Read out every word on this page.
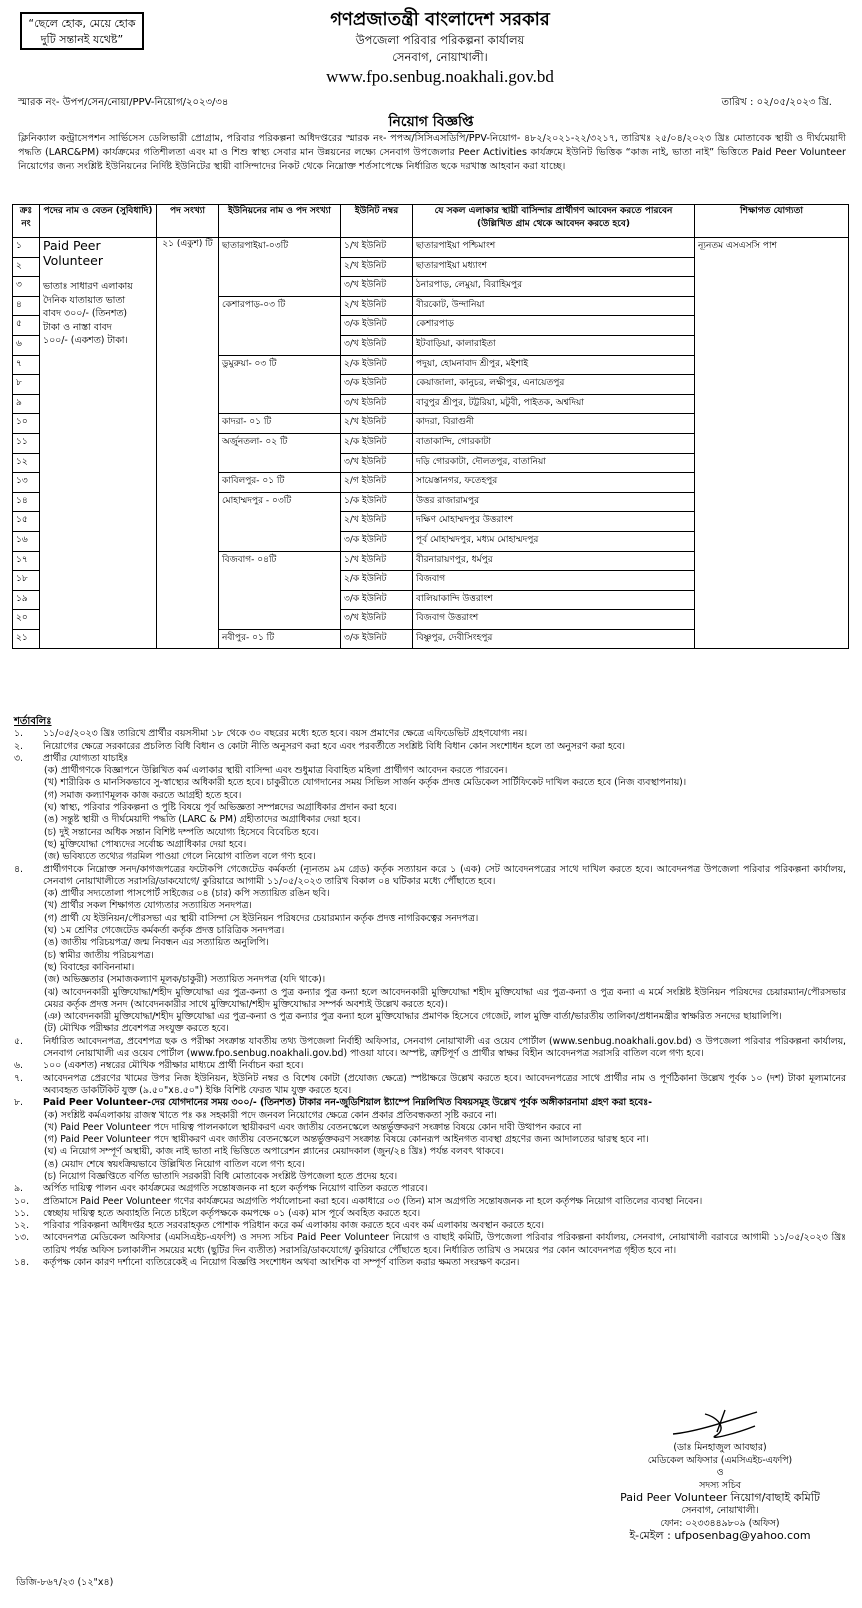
“ছেলে হোক, মেয়ে হোক
দুটি সন্তানই যথেষ্ট”
গণপ্রজাতন্ত্রী বাংলাদেশ সরকার
উপজেলা পরিবার পরিকল্পনা কার্যালয়
সেনবাগ, নোয়াখালী।
www.fpo.senbug.noakhali.gov.bd
স্মারক নং- উপপ/সেন/নোয়া/PPV-নিয়োগ/২০২৩/৩৪	তারিখ : ০২/০৫/২০২৩ খ্রি.
নিয়োগ বিজ্ঞপ্তি
ক্লিনিক্যাল কন্ট্রাসেপশন সার্ভিসেস ডেলিভারী প্রোগ্রাম, পরিবার পরিকল্পনা অধিদপ্তরের স্মারক নং- পপঅ/সিসিএসডিপি/PPV-নিয়োগ- ৪৮২/২০২১-২২/৩২১৭, তারিখঃ ২৫/০৪/২০২৩ খ্রিঃ মোতাবেক স্থায়ী ও দীর্ঘমেয়াদী পদ্ধতি (LARC&PM) কার্যক্রমের গতিশীলতা এবং মা ও শিশু স্বাস্থ্য সেবার মান উন্নয়নের লক্ষ্যে সেনবাগ উপজেলার Peer Activities কার্যক্রমে ইউনিট ভিত্তিক “কাজ নাই, ভাতা নাই” ভিত্তিতে Paid Peer Volunteer নিয়োগের জন্য সংশ্লিষ্ট ইউনিয়নের নির্দিষ্ট ইউনিটের স্থায়ী বাসিন্দাদের নিকট থেকে নিম্নোক্ত শর্তসাপেক্ষে নির্ধারিত ছকে দরখাস্ত আহবান করা যাচ্ছে।
ক্রঃ নং	পদের নাম ও বেতন (সুবিধাদি)	পদ সংখ্যা	ইউনিয়নের নাম ও পদ সংখ্যা	ইউনিট নম্বর	যে সকল এলাকার স্থায়ী বাসিন্দার প্রার্থীগণ আবেদন করতে পারবেন (উল্লিখিত গ্রাম থেকে আবেদন করতে হবে)	শিক্ষাগত যোগ্যতা
১	Paid Peer Volunteer
ভাতাঃ সাধারণ এলাকায় দৈনিক যাতায়াত ভাতা বাবদ ৩০০/- (তিনশত) টাকা ও নাস্তা বাবদ ১০০/- (একশত) টাকা।	২১ (একুশ) টি	ছাতারপাইয়া-০৩টি	১/খ ইউনিট	ছাতারপাইয়া পশ্চিমাংশ	ন্যূনতম এসএসসি পাশ
২				২/খ ইউনিট	ছাতারপাইয়া মধ্যাংশ	
৩				৩/খ ইউনিট	ঠনারপাড়, লেমুয়া, বিরাহিমপুর	
৪			কেশারপাড়-০৩ টি	২/খ ইউনিট	বীরকোট, উন্দানিয়া	
৫				৩/ক ইউনিট	কেশারপাড়	
৬				৩/খ ইউনিট	ইটবাড়িয়া, কালারাইতা	
৭			ডুমুরুয়া- ০৩ টি	২/ক ইউনিট	পদুয়া, হোমনাবাদ শ্রীপুর, মইশাই	
৮				৩/ক ইউনিট	কেয়াজালা, কানুচর, লক্ষীপুর, এনায়েতপুর	
৯				৩/খ ইউনিট	বাবুপুর শ্রীপুর, টট্টরিয়া, মটুবী, পাইতক, অশ্বদিয়া	
১০			কাদরা- ০১ টি	২/খ ইউনিট	কাদরা, বিরাগুনী	
১১			অর্জুনতলা- ০২ টি	২/ক ইউনিট	বাতাকান্দি, গোরকাটা	
১২				৩/খ ইউনিট	দড়ি গোরকাটা, দৌলতপুর, বাতানিয়া	
১৩			কাবিলপুর- ০১ টি	২/গ ইউনিট	সায়েস্তানগর, ফতেহপুর	
১৪			মোহাম্মদপুর - ০৩টি	১/ক ইউনিট	উত্তর রাজারামপুর	
১৫				২/খ ইউনিট	দক্ষিণ মোহাম্মদপুর উত্তরাংশ	
১৬				৩/ক ইউনিট	পূর্ব মোহাম্মদপুর, মধ্যম মোহাম্মদপুর	
১৭			বিজবাগ- ০৪টি	১/খ ইউনিট	বীরনারায়ণপুর, ধর্মপুর	
১৮				২/ক ইউনিট	বিজবাগ	
১৯				৩/ক ইউনিট	বালিয়াকান্দি উত্তরাংশ	
২০				৩/খ ইউনিট	বিজবাগ উত্তরাংশ	
২১			নবীপুর- ০১ টি	৩/ক ইউনিট	বিষ্ণুপুর, দেবীসিংহপুর	
শর্তাবলিঃ
১.	১১/০৫/২০২৩ খ্রিঃ তারিখে প্রার্থীর বয়সসীমা ১৮ থেকে ৩০ বছরের মধ্যে হতে হবে। বয়স প্রমাণের ক্ষেত্রে এফিডেভিট গ্রহণযোগ্য নয়।
২.	নিয়োগের ক্ষেত্রে সরকারের প্রচলিত বিধি বিধান ও কোটা নীতি অনুসরণ করা হবে এবং পরবর্তীতে সংশ্লিষ্ট বিধি বিধান কোন সংশোধন হলে তা অনুসরণ করা হবে।
৩.	প্রার্থীর যোগ্যতা যাচাইঃ
(ক) প্রার্থীগণকে বিজ্ঞাপনে উল্লিখিত কর্ম এলাকার স্থায়ী বাসিন্দা এবং শুধুমাত্র বিবাহিত মহিলা প্রার্থীগণ আবেদন করতে পারবেন।
(খ) শারীরিক ও মানসিকভাবে সু-স্বাস্থ্যের অধিকারী হতে হবে। চাকুরীতে যোগদানের সময় সিভিল সার্জন কর্তৃক প্রদত্ত মেডিকেল সার্টিফিকেট দাখিল করতে হবে (নিজ ব্যবস্থাপনায়)।
(গ) সমাজ কল্যাণমূলক কাজ করতে আগ্রহী হতে হবে।
(ঘ) স্বাস্থ্য, পরিবার পরিকল্পনা ও পুষ্টি বিষয়ে পূর্ব অভিজ্ঞতা সম্পন্নদের অগ্রাধিকার প্রদান করা হবে।
(ঙ) সন্তুষ্ট স্থায়ী ও দীর্ঘমেয়াদী পদ্ধতি (LARC & PM) গ্রহীতাদের অগ্রাধিকার দেয়া হবে।
(চ) দুই সন্তানের অধিক সন্তান বিশিষ্ট দম্পতি অযোগ্য হিসেবে বিবেচিত হবে।
(ছ) মুক্তিযোদ্ধা পোষ্যদের সর্বোচ্চ অগ্রাধিকার দেয়া হবে।
(জ) ভবিষ্যতে তথ্যের গরমিল পাওয়া গেলে নিয়োগ বাতিল বলে গণ্য হবে।
৪.	প্রার্থীগণকে নিম্নোক্ত সনদ/কাগজপত্রের ফটোকপি গেজেটেড কর্মকর্তা (ন্যূনতম ৯ম গ্রেড) কর্তৃক সত্যায়ন করে ১ (এক) সেট আবেদনপত্রের সাথে দাখিল করতে হবে। আবেদনপত্র উপজেলা পরিবার পরিকল্পনা কার্যালয়, সেনবাগ নোয়াখালীতে সরাসরি/ডাকযোগে/ কুরিয়ারে আগামী ১১/০৫/২০২৩ তারিখ বিকাল ০৪ ঘটিকার মধ্যে পৌঁছাতে হবে।
(ক) প্রার্থীর সদ্যতোলা পাসপোর্ট সাইজের ০৪ (চার) কপি সত্যায়িত রঙিন ছবি।
(খ) প্রার্থীর সকল শিক্ষাগত যোগ্যতার সত্যায়িত সনদপত্র।
(গ) প্রার্থী যে ইউনিয়ন/পৌরসভা এর স্থায়ী বাসিন্দা সে ইউনিয়ন পরিষদের চেয়ারম্যান কর্তৃক প্রদত্ত নাগরিকত্বের সনদপত্র।
(ঘ) ১ম শ্রেণির গেজেটেড কর্মকর্তা কর্তৃক প্রদত্ত চারিত্রিক সনদপত্র।
(ঙ) জাতীয় পরিচয়পত্র/ জন্ম নিবন্ধন এর সত্যায়িত অনুলিপি।
(চ) স্বামীর জাতীয় পরিচয়পত্র।
(ছ) বিবাহের কাবিননামা।
(জ) অভিজ্ঞতার (সমাজকল্যাণ মূলক/চাকুরী) সত্যায়িত সনদপত্র (যদি থাকে)।
(ঝ) আবেদনকারী মুক্তিযোদ্ধা/শহীদ মুক্তিযোদ্ধা এর পুত্র-কন্যা ও পুত্র কন্যার পুত্র কন্যা হলে আবেদনকারী মুক্তিযোদ্ধা শহীদ মুক্তিযোদ্ধা এর পুত্র-কন্যা ও পুত্র কন্যা এ মর্মে সংশ্লিষ্ট ইউনিয়ন পরিষদের চেয়ারম্যান/পৌরসভার মেয়র কর্তৃক প্রদত্ত সনদ (আবেদনকারীর সাথে মুক্তিযোদ্ধা/শহীদ মুক্তিযোদ্ধার সম্পর্ক অবশ্যই উল্লেখ করতে হবে)।
(ঞ) আবেদনকারী মুক্তিযোদ্ধা/শহীদ মুক্তিযোদ্ধা এর পুত্র-কন্যা ও পুত্র কন্যার পুত্র কন্যা হলে মুক্তিযোদ্ধার প্রমাণক হিসেবে গেজেট, লাল মুক্তি বার্তা/ভারতীয় তালিকা/প্রধানমন্ত্রীর স্বাক্ষরিত সনদের ছায়ালিপি।
(ট) মৌখিক পরীক্ষার প্রবেশপত্র সংযুক্ত করতে হবে।
৫.	নির্ধারিত আবেদনপত্র, প্রবেশপত্র ছক ও পরীক্ষা সংক্রান্ত যাবতীয় তথ্য উপজেলা নির্বাহী অফিসার, সেনবাগ নোয়াখালী এর ওয়েব পোর্টাল (www.senbug.noakhali.gov.bd) ও উপজেলা পরিবার পরিকল্পনা কার্যালয়, সেনবাগ নোয়াখালী এর ওয়েব পোর্টাল (www.fpo.senbug.noakhali.gov.bd) পাওয়া যাবে। অস্পষ্ট, ত্রুটিপূর্ণ ও প্রার্থীর স্বাক্ষর বিহীন আবেদনপত্র সরাসরি বাতিল বলে গণ্য হবে।
৬.	১০০ (একশত) নম্বরের মৌখিক পরীক্ষার মাধ্যমে প্রার্থী নির্বাচন করা হবে।
৭.	আবেদনপত্র প্রেরণের খামের উপর নিজ ইউনিয়ন, ইউনিট নম্বর ও বিশেষ কোটা (প্রযোজ্য ক্ষেত্রে) স্পষ্টাক্ষরে উল্লেখ করতে হবে। আবেদনপত্রের সাথে প্রার্থীর নাম ও পূর্ণঠিকানা উল্লেখ পূর্বক ১০ (দশ) টাকা মূল্যমানের অব্যবহৃত ডাকটিকিট যুক্ত (৯.৫০"x৪.৫০") ইঞ্চি বিশিষ্ট ফেরত খাম যুক্ত করতে হবে।
৮.	Paid Peer Volunteer-দের যোগদানের সময় ৩০০/- (তিনশত) টাকার নন-জুডিশিয়াল ষ্ট্যাম্পে নিম্নলিখিত বিষয়সমূহ উল্লেখ পূর্বক অঙ্গীকারনামা গ্রহণ করা হবেঃ-
(ক) সংশ্লিষ্ট কর্মএলাকায় রাজস্ব খাতে পঃ কঃ সহকারী পদে জনবল নিয়োগের ক্ষেত্রে কোন প্রকার প্রতিবন্ধকতা সৃষ্টি করবে না।
(খ) Paid Peer Volunteer পদে দায়িত্ব পালনকালে স্থায়ীকরণ এবং জাতীয় বেতনস্কেলে অন্তর্ভুক্তকরণ সংক্রান্ত বিষয়ে কোন দাবী উত্থাপন করবে না
(গ) Paid Peer Volunteer পদে স্থায়ীকরণ এবং জাতীয় বেতনস্কেলে অন্তর্ভুক্তকরণ সংক্রান্ত বিষয়ে কোনরূপ আইনগত ব্যবস্থা গ্রহণের জন্য আদালতের দ্বারস্থ হবে না।
(ঘ) এ নিয়োগ সম্পূর্ণ অস্থায়ী, কাজ নাই ভাতা নাই ভিত্তিতে অপারেশন প্ল্যানের মেয়াদকাল (জুন/২৪ খ্রিঃ) পর্যন্ত বলবৎ থাকবে।
(ঙ) মেয়াদ শেষে স্বয়ংক্রিয়ভাবে উল্লিখিত নিয়োগ বাতিল বলে গণ্য হবে।
(চ) নিয়োগ বিজ্ঞপ্তিতে বর্ণিত ভাতাদি সরকারী বিধি মোতাবেক সংশ্লিষ্ট উপজেলা হতে প্রদেয় হবে।
৯.	অর্পিত দায়িত্ব পালন এবং কার্যক্রমের অগ্রগতি সন্তোষজনক না হলে কর্তৃপক্ষ নিয়োগ বাতিল করতে পারবে।
১০.	প্রতিমাসে Paid Peer Volunteer গণের কার্যক্রমের অগ্রগতি পর্যালোচনা করা হবে। একাধারে ০৩ (তিন) মাস অগ্রগতি সন্তোষজনক না হলে কর্তৃপক্ষ নিয়োগ বাতিলের ব্যবস্থা নিবেন।
১১.	স্বেচ্ছায় দায়িত্ব হতে অব্যাহতি নিতে চাইলে কর্তৃপক্ষকে কমপক্ষে ০১ (এক) মাস পূর্বে অবহিত করতে হবে।
১২.	পরিবার পরিকল্পনা অধিদপ্তর হতে সরবরাহকৃত পোশাক পরিধান করে কর্ম এলাকায় কাজ করতে হবে এবং কর্ম এলাকায় অবস্থান করতে হবে।
১৩.	আবেদনপত্র মেডিকেল অফিসার (এমসিএইচ-এফপি) ও সদস্য সচিব Paid Peer Volunteer নিয়োগ ও বাছাই কমিটি, উপজেলা পরিবার পরিকল্পনা কার্যালয়, সেনবাগ, নোয়াখালী বরাবরে আগামী ১১/০৫/২০২৩ খ্রিঃ তারিখ পর্যন্ত অফিস চলাকালীন সময়ের মধ্যে (ছুটির দিন ব্যতীত) সরাসরি/ডাকযোগে/ কুরিয়ারে পৌঁছাতে হবে। নির্ধারিত তারিখ ও সময়ের পর কোন আবেদনপত্র গৃহীত হবে না।
১৪.	কর্তৃপক্ষ কোন কারণ দর্শানো ব্যতিরেকেই এ নিয়োগ বিজ্ঞপ্তি সংশোধন অথবা আংশিক বা সম্পূর্ণ বাতিল করার ক্ষমতা সংরক্ষণ করেন।
(ডাঃ মিনহাজুল আবছার)
মেডিকেল অফিসার (এমসিএইচ-এফপি)
ও
সদস্য সচিব
Paid Peer Volunteer নিয়োগ/বাছাই কমিটি
সেনবাগ, নোয়াখালী।
ফোন: ০২৩৩৪৪৯৮০৯ (অফিস)
ই-মেইল : ufposenbag@yahoo.com
ডিজি-৮৬৭/২৩ (১২"x৪)
